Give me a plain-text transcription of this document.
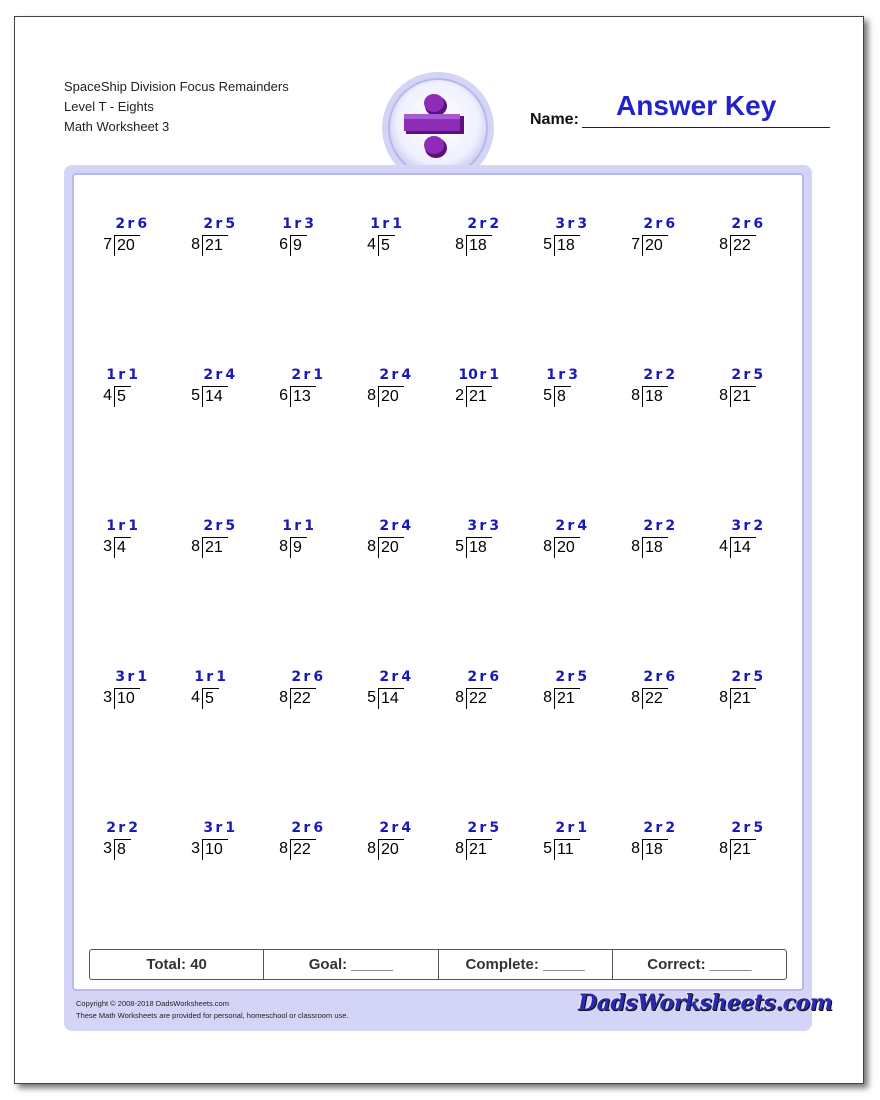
SpaceShip Division Focus Remainders
Level T - Eights
Math Worksheet 3	Name: Answer Key
2 r 6
7 20
2 r 5
8 21
1 r 3
6 9
1 r 1
4 5
2 r 2
8 18
3 r 3
5 18
2 r 6
7 20
2 r 6
8 22
1 r 1
4 5
2 r 4
5 14
2 r 1
6 13
2 r 4
8 20
10 r 1
2 21
1 r 3
5 8
2 r 2
8 18
2 r 5
8 21
1 r 1
3 4
2 r 5
8 21
1 r 1
8 9
2 r 4
8 20
3 r 3
5 18
2 r 4
8 20
2 r 2
8 18
3 r 2
4 14
3 r 1
3 10
1 r 1
4 5
2 r 6
8 22
2 r 4
5 14
2 r 6
8 22
2 r 5
8 21
2 r 6
8 22
2 r 5
8 21
2 r 2
3 8
3 r 1
3 10
2 r 6
8 22
2 r 4
8 20
2 r 5
8 21
2 r 1
5 11
2 r 2
8 18
2 r 5
8 21
Total: 40	Goal: _____	Complete: _____	Correct: _____
Copyright © 2008-2018 DadsWorksheets.com
These Math Worksheets are provided for personal, homeschool or classroom use.	DadsWorksheets.com
